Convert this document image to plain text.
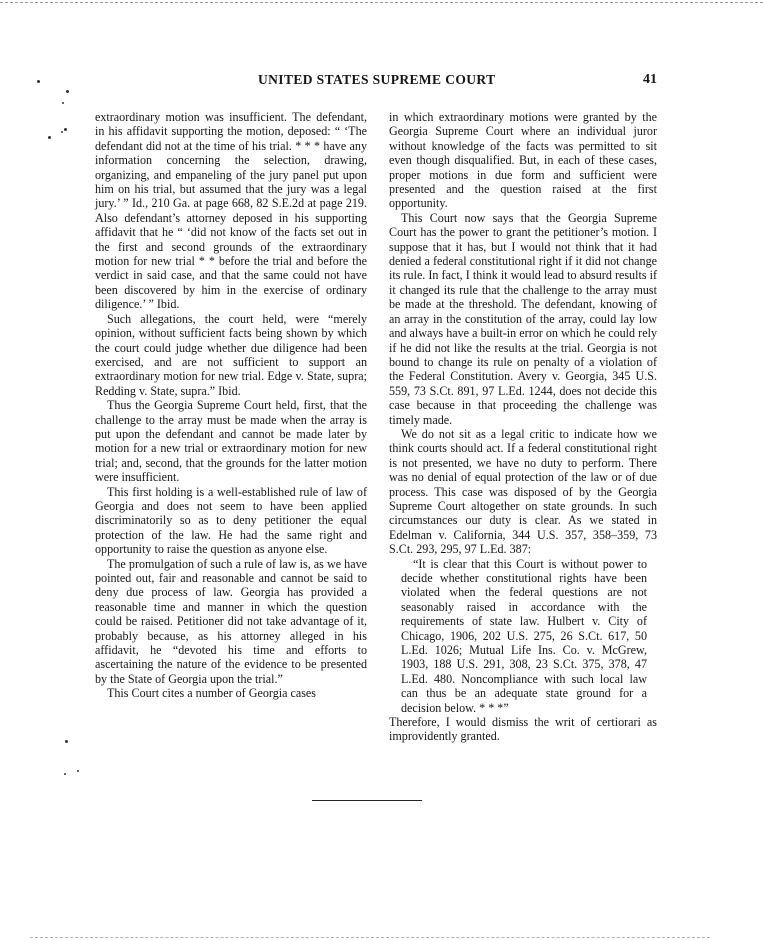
UNITED STATES SUPREME COURT	41

extraordinary motion was insufficient. The defendant, in his affidavit supporting the motion, deposed: “ ‘The defendant did not at the time of his trial. * * * have any information concerning the selection, drawing, organizing, and empaneling of the jury panel put upon him on his trial, but assumed that the jury was a legal jury.’ ” Id., 210 Ga. at page 668, 82 S.E.2d at page 219. Also defendant’s attorney deposed in his supporting affidavit that he “ ‘did not know of the facts set out in the first and second grounds of the extraordinary motion for new trial * * before the trial and before the verdict in said case, and that the same could not have been discovered by him in the exercise of ordinary diligence.’ ” Ibid.

Such allegations, the court held, were “merely opinion, without sufficient facts being shown by which the court could judge whether due diligence had been exercised, and are not sufficient to support an extraordinary motion for new trial. Edge v. State, supra; Redding v. State, supra.” Ibid.

Thus the Georgia Supreme Court held, first, that the challenge to the array must be made when the array is put upon the defendant and cannot be made later by motion for a new trial or extraordinary motion for new trial; and, second, that the grounds for the latter motion were insufficient.

This first holding is a well-established rule of law of Georgia and does not seem to have been applied discriminatorily so as to deny petitioner the equal protection of the law. He had the same right and opportunity to raise the question as anyone else.

The promulgation of such a rule of law is, as we have pointed out, fair and reasonable and cannot be said to deny due process of law. Georgia has provided a reasonable time and manner in which the question could be raised. Petitioner did not take advantage of it, probably because, as his attorney alleged in his affidavit, he “devoted his time and efforts to ascertaining the nature of the evidence to be presented by the State of Georgia upon the trial.”

This Court cites a number of Georgia cases

in which extraordinary motions were granted by the Georgia Supreme Court where an individual juror without knowledge of the facts was permitted to sit even though disqualified. But, in each of these cases, proper motions in due form and sufficient were presented and the question raised at the first opportunity.

This Court now says that the Georgia Supreme Court has the power to grant the petitioner’s motion. I suppose that it has, but I would not think that it had denied a federal constitutional right if it did not change its rule. In fact, I think it would lead to absurd results if it changed its rule that the challenge to the array must be made at the threshold. The defendant, knowing of an array in the constitution of the array, could lay low and always have a built-in error on which he could rely if he did not like the results at the trial. Georgia is not bound to change its rule on penalty of a violation of the Federal Constitution. Avery v. Georgia, 345 U.S. 559, 73 S.Ct. 891, 97 L.Ed. 1244, does not decide this case because in that proceeding the challenge was timely made.

We do not sit as a legal critic to indicate how we think courts should act. If a federal constitutional right is not presented, we have no duty to perform. There was no denial of equal protection of the law or of due process. This case was disposed of by the Georgia Supreme Court altogether on state grounds. In such circumstances our duty is clear. As we stated in Edelman v. California, 344 U.S. 357, 358–359, 73 S.Ct. 293, 295, 97 L.Ed. 387:

“It is clear that this Court is without power to decide whether constitutional rights have been violated when the federal questions are not seasonably raised in accordance with the requirements of state law. Hulbert v. City of Chicago, 1906, 202 U.S. 275, 26 S.Ct. 617, 50 L.Ed. 1026; Mutual Life Ins. Co. v. McGrew, 1903, 188 U.S. 291, 308, 23 S.Ct. 375, 378, 47 L.Ed. 480. Noncompliance with such local law can thus be an adequate state ground for a decision below. * * *”

Therefore, I would dismiss the writ of certiorari as improvidently granted.
